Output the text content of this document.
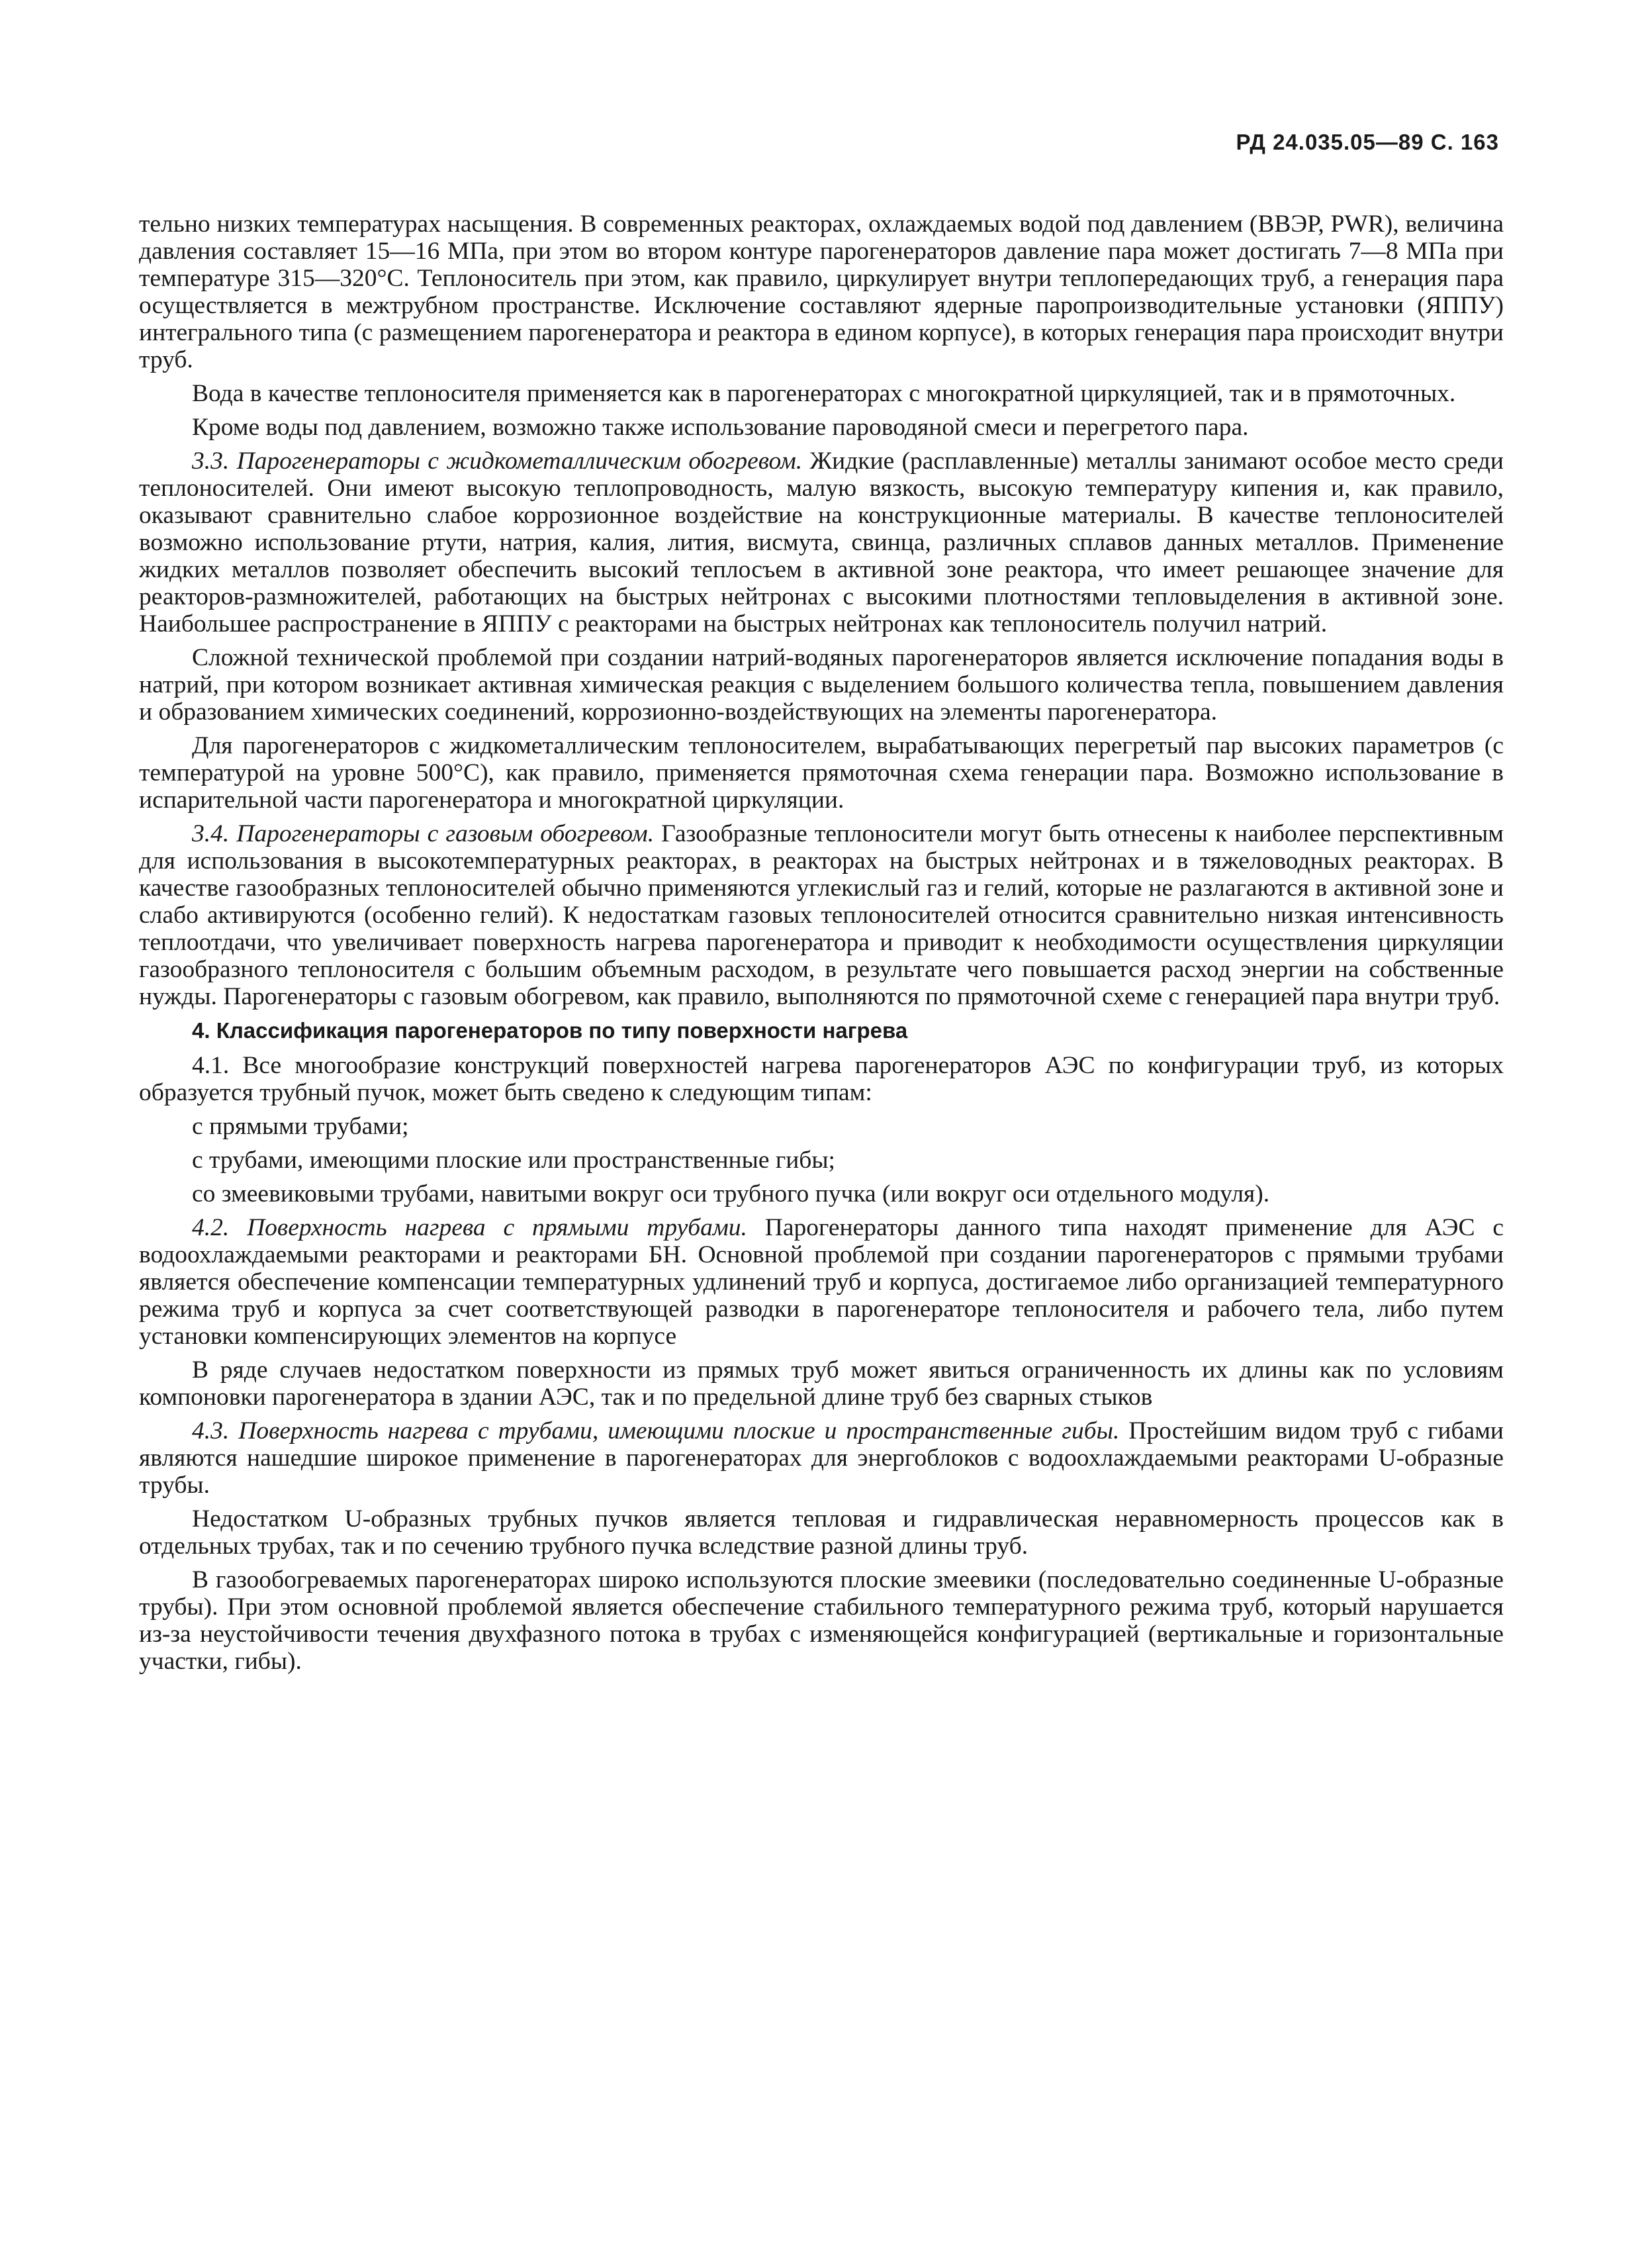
РД 24.035.05—89 С. 163

тельно низких температурах насыщения. В современных реакторах, охлаждаемых водой под давлением (ВВЭР, PWR), величина давления составляет 15—16 МПа, при этом во втором контуре парогенераторов давление пара может достигать 7—8 МПа при температуре 315—320°С. Теплоноситель при этом, как правило, циркулирует внутри теплопередающих труб, а генерация пара осуществляется в межтрубном пространстве. Исключение составляют ядерные паропроизводительные установки (ЯППУ) интегрального типа (с размещением парогенератора и реактора в едином корпусе), в которых генерация пара происходит внутри труб.

Вода в качестве теплоносителя применяется как в парогенераторах с многократной циркуляцией, так и в прямоточных.

Кроме воды под давлением, возможно также использование пароводяной смеси и перегретого пара.

3.3. Парогенераторы с жидкометаллическим обогревом. Жидкие (расплавленные) металлы занимают особое место среди теплоносителей. Они имеют высокую теплопроводность, малую вязкость, высокую температуру кипения и, как правило, оказывают сравнительно слабое коррозионное воздействие на конструкционные материалы. В качестве теплоносителей возможно использование ртути, натрия, калия, лития, висмута, свинца, различных сплавов данных металлов. Применение жидких металлов позволяет обеспечить высокий теплосъем в активной зоне реактора, что имеет решающее значение для реакторов-размножителей, работающих на быстрых нейтронах с высокими плотностями тепловыделения в активной зоне. Наибольшее распространение в ЯППУ с реакторами на быстрых нейтронах как теплоноситель получил натрий.

Сложной технической проблемой при создании натрий-водяных парогенераторов является исключение попадания воды в натрий, при котором возникает активная химическая реакция с выделением большого количества тепла, повышением давления и образованием химических соединений, коррозионно-воздействующих на элементы парогенератора.

Для парогенераторов с жидкометаллическим теплоносителем, вырабатывающих перегретый пар высоких параметров (с температурой на уровне 500°С), как правило, применяется прямоточная схема генерации пара. Возможно использование в испарительной части парогенератора и многократной циркуляции.

3.4. Парогенераторы с газовым обогревом. Газообразные теплоносители могут быть отнесены к наиболее перспективным для использования в высокотемпературных реакторах, в реакторах на быстрых нейтронах и в тяжеловодных реакторах. В качестве газообразных теплоносителей обычно применяются углекислый газ и гелий, которые не разлагаются в активной зоне и слабо активируются (особенно гелий). К недостаткам газовых теплоносителей относится сравнительно низкая интенсивность теплоотдачи, что увеличивает поверхность нагрева парогенератора и приводит к необходимости осуществления циркуляции газообразного теплоносителя с большим объемным расходом, в результате чего повышается расход энергии на собственные нужды. Парогенераторы с газовым обогревом, как правило, выполняются по прямоточной схеме с генерацией пара внутри труб.

4. Классификация парогенераторов по типу поверхности нагрева

4.1. Все многообразие конструкций поверхностей нагрева парогенераторов АЭС по конфигурации труб, из которых образуется трубный пучок, может быть сведено к следующим типам:

с прямыми трубами;

с трубами, имеющими плоские или пространственные гибы;

со змеевиковыми трубами, навитыми вокруг оси трубного пучка (или вокруг оси отдельного модуля).

4.2. Поверхность нагрева с прямыми трубами. Парогенераторы данного типа находят применение для АЭС с водоохлаждаемыми реакторами и реакторами БН. Основной проблемой при создании парогенераторов с прямыми трубами является обеспечение компенсации температурных удлинений труб и корпуса, достигаемое либо организацией температурного режима труб и корпуса за счет соответствующей разводки в парогенераторе теплоносителя и рабочего тела, либо путем установки компенсирующих элементов на корпусе

В ряде случаев недостатком поверхности из прямых труб может явиться ограниченность их длины как по условиям компоновки парогенератора в здании АЭС, так и по предельной длине труб без сварных стыков

4.3. Поверхность нагрева с трубами, имеющими плоские и пространственные гибы. Простейшим видом труб с гибами являются нашедшие широкое применение в парогенераторах для энергоблоков с водоохлаждаемыми реакторами U-образные трубы.

Недостатком U-образных трубных пучков является тепловая и гидравлическая неравномерность процессов как в отдельных трубах, так и по сечению трубного пучка вследствие разной длины труб.

В газообогреваемых парогенераторах широко используются плоские змеевики (последовательно соединенные U-образные трубы). При этом основной проблемой является обеспечение стабильного температурного режима труб, который нарушается из-за неустойчивости течения двухфазного потока в трубах с изменяющейся конфигурацией (вертикальные и горизонтальные участки, гибы).
